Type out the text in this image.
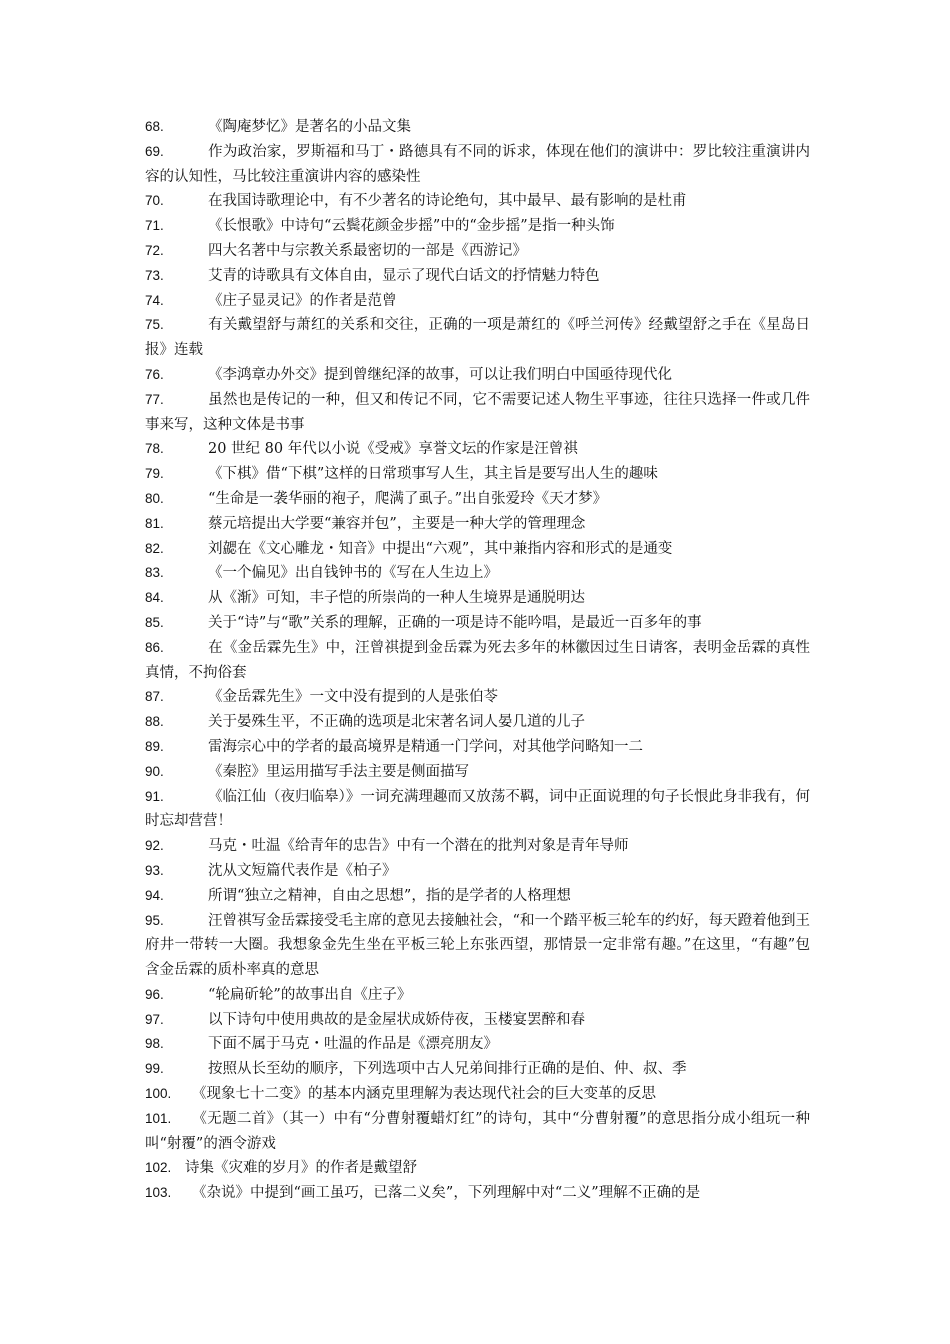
68.	《陶庵梦忆》是著名的小品文集

69.	作为政治家，罗斯福和马丁・路德具有不同的诉求，体现在他们的演讲中：罗比较注重演讲内容的认知性，马比较注重演讲内容的感染性

70.	在我国诗歌理论中，有不少著名的诗论绝句，其中最早、最有影响的是杜甫

71.	《长恨歌》中诗句“云鬓花颜金步摇”中的“金步摇”是指一种头饰

72.	四大名著中与宗教关系最密切的一部是《西游记》

73.	艾青的诗歌具有文体自由，显示了现代白话文的抒情魅力特色

74.	《庄子显灵记》的作者是范曾

75.	有关戴望舒与萧红的关系和交往，正确的一项是萧红的《呼兰河传》经戴望舒之手在《星岛日报》连载

76.	《李鸿章办外交》提到曾继纪泽的故事，可以让我们明白中国亟待现代化

77.	虽然也是传记的一种，但又和传记不同，它不需要记述人物生平事迹，往往只选择一件或几件事来写，这种文体是书事

78.	20 世纪 80 年代以小说《受戒》享誉文坛的作家是汪曾祺

79.	《下棋》借“下棋”这样的日常琐事写人生，其主旨是要写出人生的趣味

80.	“生命是一袭华丽的袍子，爬满了虱子。”出自张爱玲《天才梦》

81.	蔡元培提出大学要“兼容并包”，主要是一种大学的管理理念

82.	刘勰在《文心雕龙・知音》中提出“六观”，其中兼指内容和形式的是通变

83.	《一个偏见》出自钱钟书的《写在人生边上》

84.	从《渐》可知，丰子恺的所崇尚的一种人生境界是通脱明达

85.	关于“诗”与“歌”关系的理解，正确的一项是诗不能吟唱，是最近一百多年的事

86.	在《金岳霖先生》中，汪曾祺提到金岳霖为死去多年的林徽因过生日请客，表明金岳霖的真性真情，不拘俗套

87.	《金岳霖先生》一文中没有提到的人是张伯苓

88.	关于晏殊生平，不正确的选项是北宋著名词人晏几道的儿子

89.	雷海宗心中的学者的最高境界是精通一门学问，对其他学问略知一二

90.	《秦腔》里运用描写手法主要是侧面描写

91.	《临江仙（夜归临皋）》一词充满理趣而又放荡不羁，词中正面说理的句子长恨此身非我有，何时忘却营营！

92.	马克・吐温《给青年的忠告》中有一个潜在的批判对象是青年导师

93.	沈从文短篇代表作是《柏子》

94.	所谓“独立之精神，自由之思想”，指的是学者的人格理想

95.	汪曾祺写金岳霖接受毛主席的意见去接触社会，“和一个踏平板三轮车的约好，每天蹬着他到王府井一带转一大圈。我想象金先生坐在平板三轮上东张西望，那情景一定非常有趣。”在这里，“有趣”包含金岳霖的质朴率真的意思

96.	“轮扁斫轮”的故事出自《庄子》

97.	以下诗句中使用典故的是金屋状成娇侍夜，玉楼宴罢醉和春

98.	下面不属于马克・吐温的作品是《漂亮朋友》

99.	按照从长至幼的顺序，下列选项中古人兄弟间排行正确的是伯、仲、叔、季

100. 《现象七十二变》的基本内涵克里理解为表达现代社会的巨大变革的反思

101. 《无题二首》（其一）中有“分曹射覆蜡灯红”的诗句，其中“分曹射覆”的意思指分成小组玩一种叫“射覆”的酒令游戏

102. 诗集《灾难的岁月》的作者是戴望舒

103. 《杂说》中提到“画工虽巧，已落二义矣”，下列理解中对“二义”理解不正确的是
